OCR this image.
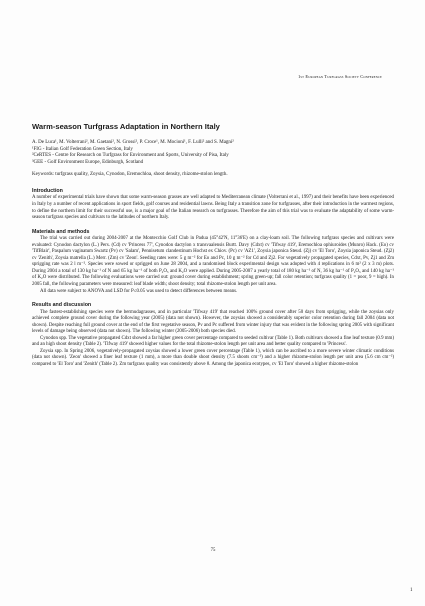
1st European Turfgrass Society Conference
Warm-season Turfgrass Adaptation in Northern Italy

A. De Luca¹, M. Volterrani², M. Gaetani², N. Grossi², P. Croce¹, M. Mocioni¹, F. Lulli² and S. Magni²

¹FIG - Italian Golf Federation Green Section, Italy

²CeRTES - Centre for Research on Turfgrass for Environment and Sports, University of Pisa, Italy

³GEE - Golf Environment Europe, Edinburgh, Scotland

Keywords: turfgrass quality, Zoysia, Cynodon, Eremochloa, shoot density, rhizome-stolon length.

Introduction

A number of experimental trials have shown that some warm-season grasses are well adapted to Mediterranean climate (Volterrani et al., 1997) and their benefits have been experienced in Italy by a number of recent applications in sport fields, golf courses and residential lawns. Being Italy a transition zone for turfgrasses, after their introduction in the warmest regions, to define the northern limit for their successful use, is a major goal of the Italian research on turfgrasses. Therefore the aim of this trial was to evaluate the adaptability of some warm-season turfgrass species and cultivars to the latitudes of northern Italy.

Materials and methods

The trial was carried out during 2004-2007 at the Montecchio Golf Club in Padua (45°42'N, 11°36'E) on a clay-loam soil. The following turfgrass species and cultivars were evaluated: Cynodon dactylon (L.) Pers. (Cd) cv 'Princess 77', Cynodon dactylon x transvaalensis Burtt. Davy (Cdxt) cv 'Tifway 419', Eremochloa ophiuroides (Munro) Hack. (Eo) cv 'TifBlair', Paspalum vaginatum Swartz (Pv) cv 'Salam', Pennisetum clandestinum Hochst ex Chiov. (Pc) cv 'AZ1', Zoysia japonica Steud. (Zj) cv 'El Toro', Zoysia japonica Steud. (Zj2) cv 'Zenith', Zoysia matrella (L.) Merr. (Zm) cv 'Zeon'. Seeding rates were: 5 g m⁻² for Eo and Pc, 10 g m⁻² for Cd and Zj2. For vegetatively propagated species, Cdxt, Pv, Zj1 and Zm sprigging rate was 2 l m⁻². Species were sowed or sprigged on June 28 2004, and a randomised block experimental design was adopted with 4 replications in 6 m² (2 x 3 m) plots. During 2004 a total of 130 kg ha⁻¹ of N and 65 kg ha⁻¹ of both P₂O₅ and K₂O were applied. During 2005-2007 a yearly total of 180 kg ha⁻¹ of N, 36 kg ha⁻¹ of P₂O₅ and 140 kg ha⁻¹ of K₂O were distributed. The following evaluations were carried out: ground cover during establishment; spring green-up; fall color retention; turfgrass quality (1 = poor, 9 = high). In 2005 fall, the following parameters were measured: leaf blade width; shoot density; total rhizome-stolon length per unit area.

All data were subject to ANOVA and LSD for P≤0.05 was used to detect differences between means.

Results and discussion

The fastest-establishing species were the bermudagrasses, and in particular 'Tifway 419' that reached 100% ground cover after 50 days from sprigging, while the zoysias only achieved complete ground cover during the following year (2005) (data not shown). However, the zoysias showed a considerably superior color retention during fall 2004 (data not shown). Despite reaching full ground cover at the end of the first vegetative season, Pv and Pc suffered from winter injury that was evident in the following spring 2005 with significant levels of damage being observed (data not shown). The following winter (2005-2006) both species died.

Cynodon spp. The vegetative propagated Cdxt showed a far higher green cover percentage compared to seeded cultivar (Table 1). Both cultivars showed a fine leaf texture (0.9 mm) and an high shoot density (Table 2). 'Tifway 419' showed higher values for the total rhizome-stolon length per unit area and better quality compared to 'Princess'.

Zoysia spp. In Spring 2006, vegetatively-propagated zoysias showed a lower green cover percentage (Table 1), which can be ascribed to a more severe winter climatic conditions (data not shown). 'Zeon' showed a finer leaf texture (1 mm), a more than double shoot density (7.5 shoots cm⁻²) and a higher rhizome-stolon length per unit area (5.6 cm cm⁻²) compared to 'El Toro' and 'Zenith' (Table 2). Zm turfgrass quality was consistently above 8. Among the japonica ecotypes, cv 'El Toro' showed a higher rhizome-stolon

75
1
